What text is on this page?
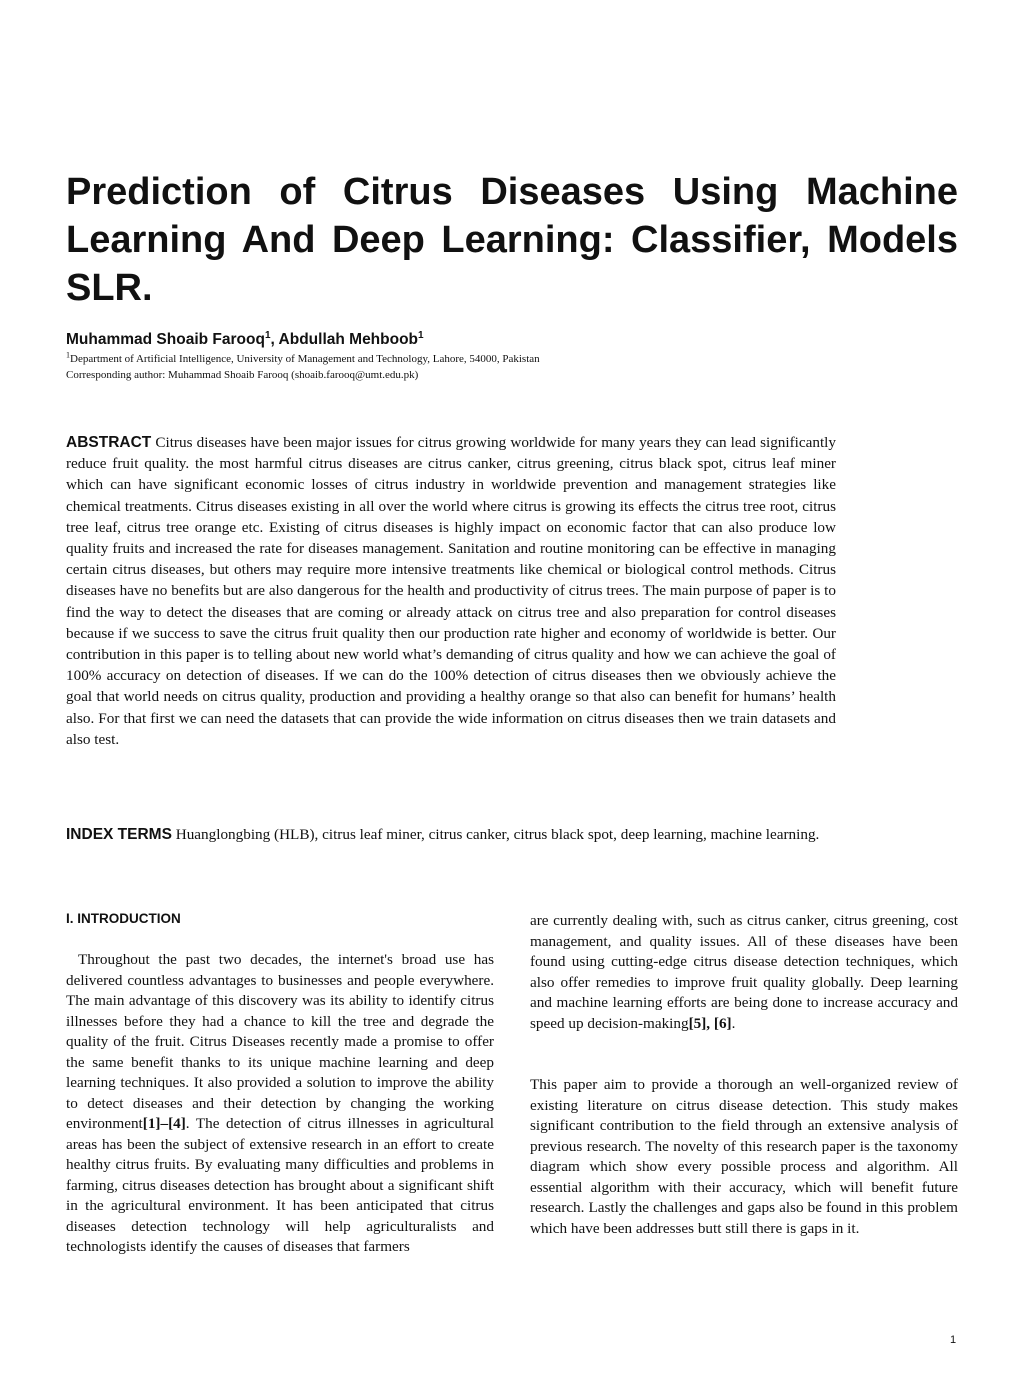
Prediction of Citrus Diseases Using Machine Learning And Deep Learning: Classifier, Models SLR.

Muhammad Shoaib Farooq$^1$, Abdullah Mehboob$^1$

$^1$Department of Artificial Intelligence, University of Management and Technology, Lahore, 54000, Pakistan
Corresponding author: Muhammad Shoaib Farooq (shoaib.farooq@umt.edu.pk)

ABSTRACT Citrus diseases have been major issues for citrus growing worldwide for many years they can lead significantly reduce fruit quality. the most harmful citrus diseases are citrus canker, citrus greening, citrus black spot, citrus leaf miner which can have significant economic losses of citrus industry in worldwide prevention and management strategies like chemical treatments. Citrus diseases existing in all over the world where citrus is growing its effects the citrus tree root, citrus tree leaf, citrus tree orange etc. Existing of citrus diseases is highly impact on economic factor that can also produce low quality fruits and increased the rate for diseases management. Sanitation and routine monitoring can be effective in managing certain citrus diseases, but others may require more intensive treatments like chemical or biological control methods. Citrus diseases have no benefits but are also dangerous for the health and productivity of citrus trees. The main purpose of paper is to find the way to detect the diseases that are coming or already attack on citrus tree and also preparation for control diseases because if we success to save the citrus fruit quality then our production rate higher and economy of worldwide is better. Our contribution in this paper is to telling about new world what’s demanding of citrus quality and how we can achieve the goal of 100% accuracy on detection of diseases. If we can do the 100% detection of citrus diseases then we obviously achieve the goal that world needs on citrus quality, production and providing a healthy orange so that also can benefit for humans’ health also. For that first we can need the datasets that can provide the wide information on citrus diseases then we train datasets and also test.

INDEX TERMS Huanglongbing (HLB), citrus leaf miner, citrus canker, citrus black spot, deep learning, machine learning.

I. INTRODUCTION

Throughout the past two decades, the internet's broad use has delivered countless advantages to businesses and people everywhere. The main advantage of this discovery was its ability to identify citrus illnesses before they had a chance to kill the tree and degrade the quality of the fruit. Citrus Diseases recently made a promise to offer the same benefit thanks to its unique machine learning and deep learning techniques. It also provided a solution to improve the ability to detect diseases and their detection by changing the working environment[1]–[4]. The detection of citrus illnesses in agricultural areas has been the subject of extensive research in an effort to create healthy citrus fruits. By evaluating many difficulties and problems in farming, citrus diseases detection has brought about a significant shift in the agricultural environment. It has been anticipated that citrus diseases detection technology will help agriculturalists and technologists identify the causes of diseases that farmers

are currently dealing with, such as citrus canker, citrus greening, cost management, and quality issues. All of these diseases have been found using cutting-edge citrus disease detection techniques, which also offer remedies to improve fruit quality globally. Deep learning and machine learning efforts are being done to increase accuracy and speed up decision-making[5], [6].

This paper aim to provide a thorough an well-organized review of existing literature on citrus disease detection. This study makes significant contribution to the field through an extensive analysis of previous research. The novelty of this research paper is the taxonomy diagram which show every possible process and algorithm. All essential algorithm with their accuracy, which will benefit future research. Lastly the challenges and gaps also be found in this problem which have been addresses butt still there is gaps in it.

1
